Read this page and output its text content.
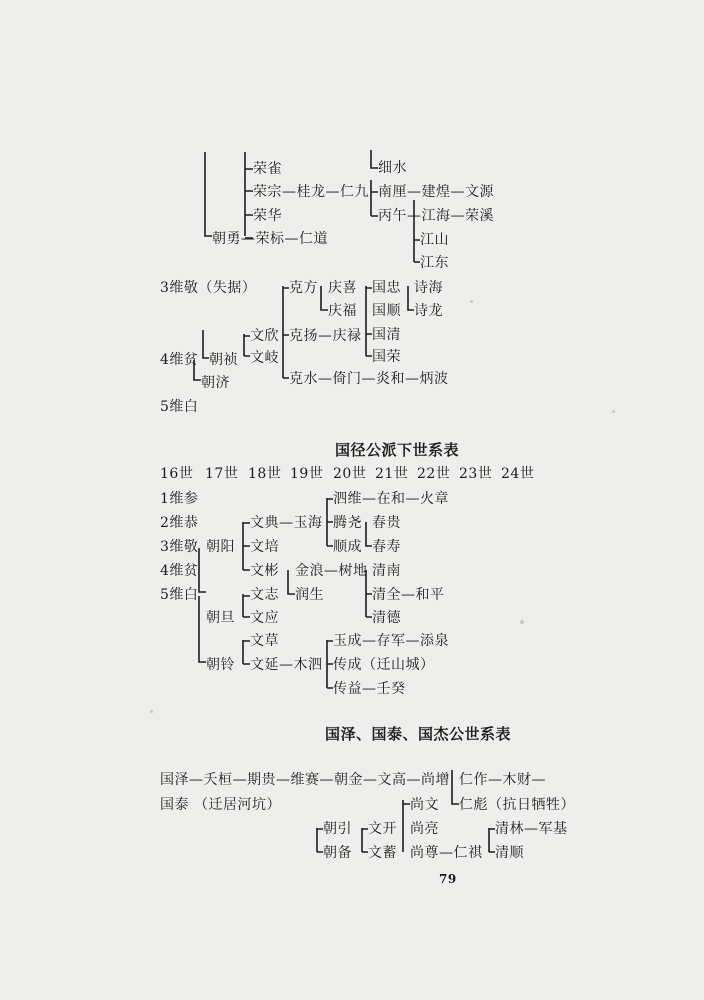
荣雀
荣宗—桂龙—仁九
荣华
朝勇—荣标—仁道
细水
南厘—建煌—文源
丙午—江海—荣溪
江山
江东
3维敬（失据）
4维贫 朝祯
朝济
5维白
文欣
文岐
克方 庆喜
庆福
克扬—庆禄
克水—倚门—炎和—炳波
国忠 诗海
国顺 诗龙
国清
国荣
国径公派下世系表
16世 17世 18世 19世 20世 21世 22世 23世 24世
1维参
2维恭
3维敬
4维贫
5维白
朝阳
朝旦
朝铃
文典—玉海
文培
文彬
文志
文应
文草
文延—木泗
金浪—树地
润生
泗维—在和—火章
腾尧
顺成
春贵
春寿
清南
清全—和平
清德
玉成—存军—添泉
传成（迁山城）
传益—壬癸
国泽、国泰、国杰公世系表
国泽—夭桓—期贵—维赛—朝金—文高—尚增 仁作—木财—
国泰 （迁居河坑）	仁彪（抗日牺牲）
尚文
尚亮
尚尊—仁祺
朝引
朝备
文开
文蓄
清林—军基
清顺
79
